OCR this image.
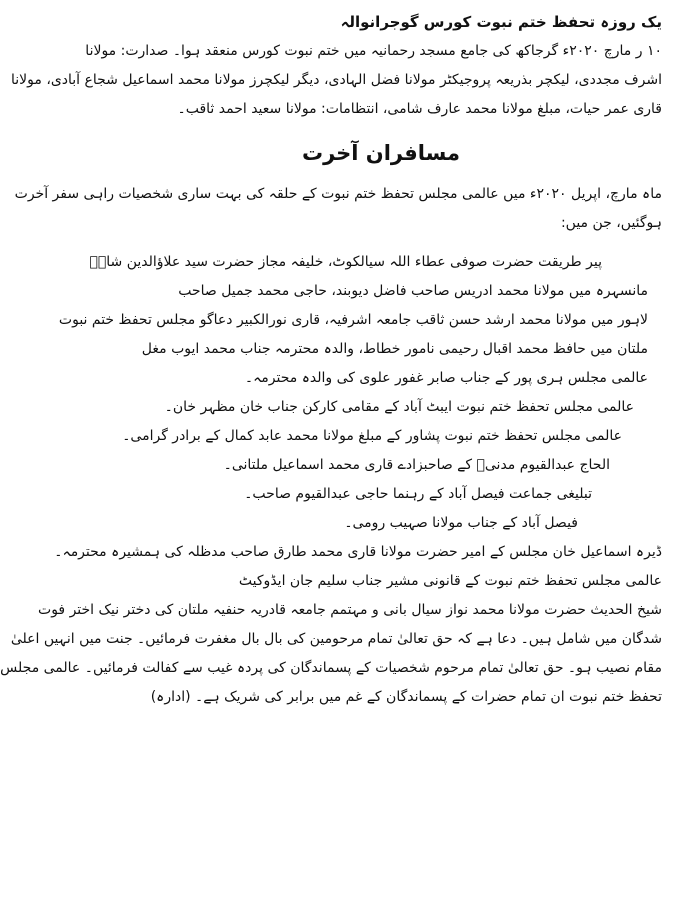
یک روزہ تحفظ ختم نبوت کورس گوجرانوالہ
۱۰ ر مارچ ۲۰۲۰ء گرجاکھ کی جامع مسجد رحمانیہ میں ختم نبوت کورس منعقد ہوا۔ صدارت: مولانا
اشرف مجددی، لیکچر بذریعہ پروجیکٹر مولانا فضل الہادی، دیگر لیکچرز مولانا محمد اسماعیل شجاع آبادی، مولانا
قاری عمر حیات، مبلغ مولانا محمد عارف شامی، انتظامات: مولانا سعید احمد ثاقب۔
مسافران آخرت
ماہ مارچ، اپریل ۲۰۲۰ء میں عالمی مجلس تحفظ ختم نبوت کے حلقہ کی بہت ساری شخصیات راہی سفر آخرت
ہوگئیں، جن میں:
پیر طریقت حضرت صوفی عطاء اللہ سیالکوٹ، خلیفہ مجاز حضرت سید علاؤالدین شاہؒ
مانسہرہ میں مولانا محمد ادریس صاحب فاضل دیوبند، حاجی محمد جمیل صاحب
لاہور میں مولانا محمد ارشد حسن ثاقب جامعہ اشرفیہ، قاری نورالکبیر دعاگو مجلس تحفظ ختم نبوت
ملتان میں حافظ محمد اقبال رحیمی نامور خطاط، والدہ محترمہ جناب محمد ایوب مغل
عالمی مجلس ہری پور کے جناب صابر غفور علوی کی والدہ محترمہ۔
عالمی مجلس تحفظ ختم نبوت ایبٹ آباد کے مقامی کارکن جناب خان مظہر خان۔
عالمی مجلس تحفظ ختم نبوت پشاور کے مبلغ مولانا محمد عابد کمال کے برادر گرامی۔
الحاج عبدالقیوم مدنیؒ کے صاحبزادے قاری محمد اسماعیل ملتانی۔
تبلیغی جماعت فیصل آباد کے رہنما حاجی عبدالقیوم صاحب۔
فیصل آباد کے جناب مولانا صہیب رومی۔
ڈیرہ اسماعیل خان مجلس کے امیر حضرت مولانا قاری محمد طارق صاحب مدظلہ کی ہمشیرہ محترمہ۔
عالمی مجلس تحفظ ختم نبوت کے قانونی مشیر جناب سلیم جان ایڈوکیٹ
شیخ الحدیث حضرت مولانا محمد نواز سیال بانی و مہتمم جامعہ قادریہ حنفیہ ملتان کی دختر نیک اختر فوت
شدگان میں شامل ہیں۔ دعا ہے کہ حق تعالیٰ تمام مرحومین کی بال بال مغفرت فرمائیں۔ جنت میں انہیں اعلیٰ
مقام نصیب ہو۔ حق تعالیٰ تمام مرحوم شخصیات کے پسماندگان کی پردہ غیب سے کفالت فرمائیں۔ عالمی مجلس
تحفظ ختم نبوت ان تمام حضرات کے پسماندگان کے غم میں برابر کی شریک ہے۔ (ادارہ)
